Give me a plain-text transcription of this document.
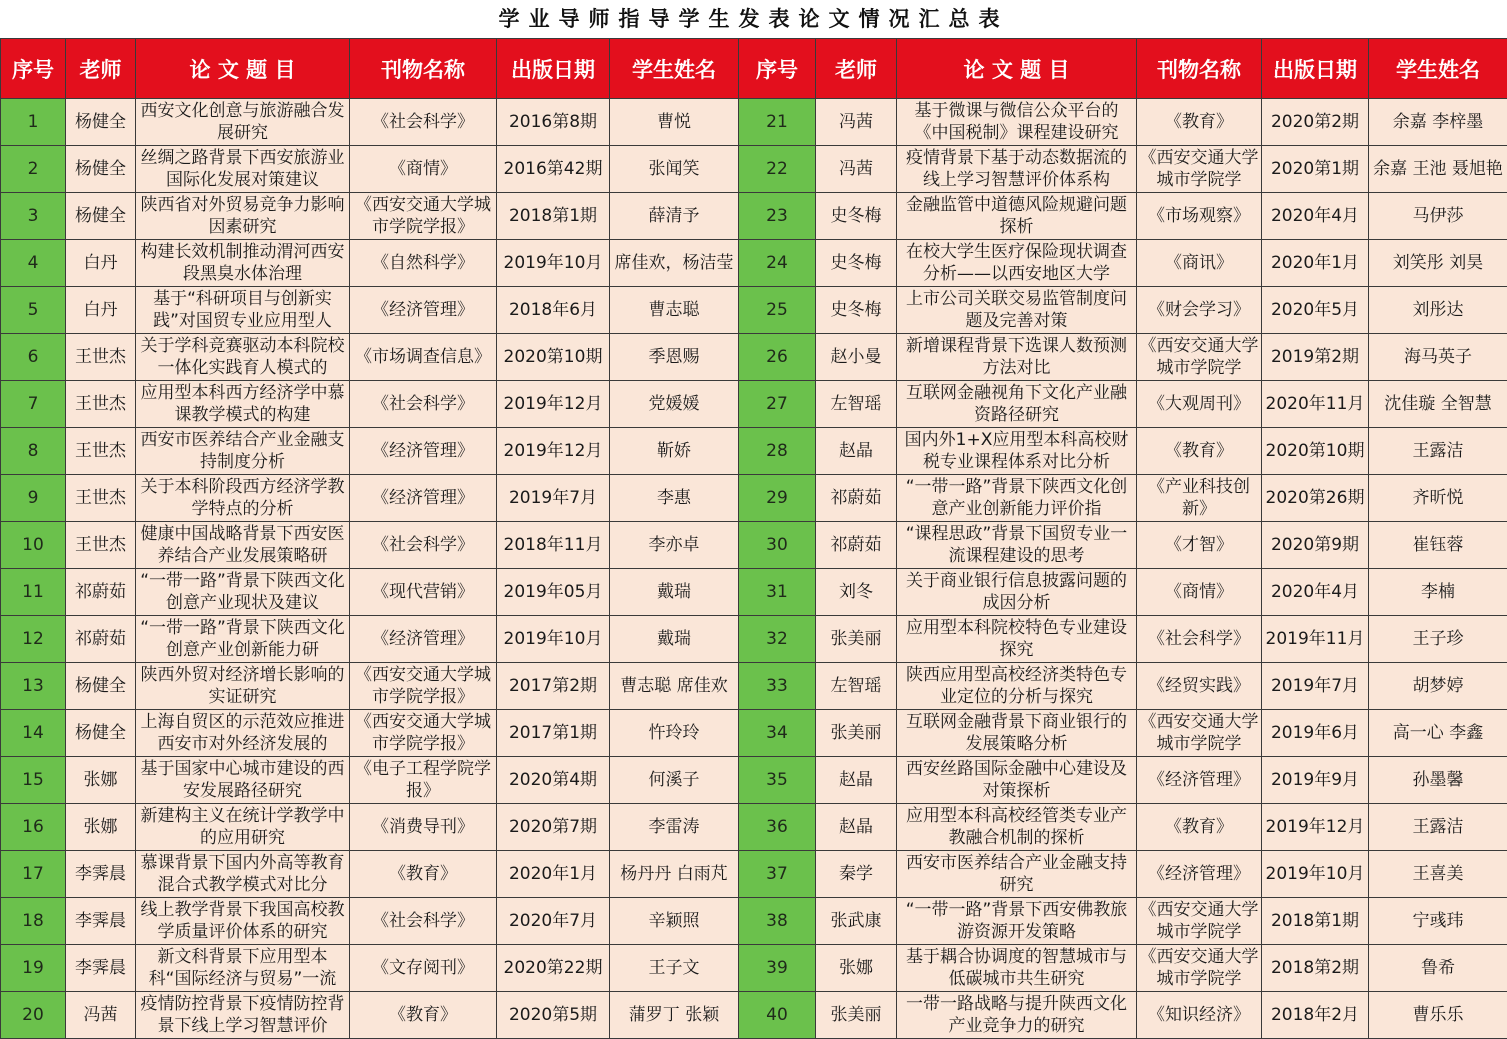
学业导师指导学生发表论文情况汇总表
序号	老师	论 文 题 目	刊物名称	出版日期	学生姓名	序号	老师	论 文 题 目	刊物名称	出版日期	学生姓名
1	杨健全	西安文化创意与旅游融合发展研究	《社会科学》	2016第8期	曹悦	21	冯茜	基于微课与微信公众平台的《中国税制》课程建设研究	《教育》	2020第2期	余嘉 李梓墨
2	杨健全	丝绸之路背景下西安旅游业国际化发展对策建议	《商情》	2016第42期	张闻笑	22	冯茜	疫情背景下基于动态数据流的线上学习智慧评价体系构	《西安交通大学城市学院学	2020第1期	余嘉 王池 聂旭艳
3	杨健全	陕西省对外贸易竞争力影响因素研究	《西安交通大学城市学院学报》	2018第1期	薛清予	23	史冬梅	金融监管中道德风险规避问题探析	《市场观察》	2020年4月	马伊莎
4	白丹	构建长效机制推动渭河西安段黑臭水体治理	《自然科学》	2019年10月	席佳欢，杨洁莹	24	史冬梅	在校大学生医疗保险现状调查分析——以西安地区大学	《商讯》	2020年1月	刘笑彤 刘昊
5	白丹	基于“科研项目与创新实践”对国贸专业应用型人	《经济管理》	2018年6月	曹志聪	25	史冬梅	上市公司关联交易监管制度问题及完善对策	《财会学习》	2020年5月	刘彤达
6	王世杰	关于学科竞赛驱动本科院校一体化实践育人模式的	《市场调查信息》	2020第10期	季恩赐	26	赵小曼	新增课程背景下选课人数预测方法对比	《西安交通大学城市学院学	2019第2期	海马英子
7	王世杰	应用型本科西方经济学中慕课教学模式的构建	《社会科学》	2019年12月	党媛媛	27	左智瑶	互联网金融视角下文化产业融资路径研究	《大观周刊》	2020年11月	沈佳璇 全智慧
8	王世杰	西安市医养结合产业金融支持制度分析	《经济管理》	2019年12月	靳娇	28	赵晶	国内外1+X应用型本科高校财税专业课程体系对比分析	《教育》	2020第10期	王露洁
9	王世杰	关于本科阶段西方经济学教学特点的分析	《经济管理》	2019年7月	李惠	29	祁蔚茹	“一带一路”背景下陕西文化创意产业创新能力评价指	《产业科技创新》	2020第26期	齐昕悦
10	王世杰	健康中国战略背景下西安医养结合产业发展策略研	《社会科学》	2018年11月	李亦卓	30	祁蔚茹	“课程思政”背景下国贸专业一流课程建设的思考	《才智》	2020第9期	崔钰蓉
11	祁蔚茹	“一带一路”背景下陕西文化创意产业现状及建议	《现代营销》	2019年05月	戴瑞	31	刘冬	关于商业银行信息披露问题的成因分析	《商情》	2020年4月	李楠
12	祁蔚茹	“一带一路”背景下陕西文化创意产业创新能力研	《经济管理》	2019年10月	戴瑞	32	张美丽	应用型本科院校特色专业建设探究	《社会科学》	2019年11月	王子珍
13	杨健全	陕西外贸对经济增长影响的实证研究	《西安交通大学城市学院学报》	2017第2期	曹志聪 席佳欢	33	左智瑶	陕西应用型高校经济类特色专业定位的分析与探究	《经贸实践》	2019年7月	胡梦婷
14	杨健全	上海自贸区的示范效应推进西安市对外经济发展的	《西安交通大学城市学院学报》	2017第1期	忤玲玲	34	张美丽	互联网金融背景下商业银行的发展策略分析	《西安交通大学城市学院学	2019年6月	高一心 李鑫
15	张娜	基于国家中心城市建设的西安发展路径研究	《电子工程学院学报》	2020第4期	何溪子	35	赵晶	西安丝路国际金融中心建设及对策探析	《经济管理》	2019年9月	孙墨馨
16	张娜	新建构主义在统计学教学中的应用研究	《消费导刊》	2020第7期	李雷涛	36	赵晶	应用型本科高校经管类专业产教融合机制的探析	《教育》	2019年12月	王露洁
17	李霁晨	慕课背景下国内外高等教育混合式教学模式对比分	《教育》	2020年1月	杨丹丹 白雨芃	37	秦学	西安市医养结合产业金融支持研究	《经济管理》	2019年10月	王喜美
18	李霁晨	线上教学背景下我国高校教学质量评价体系的研究	《社会科学》	2020年7月	辛颖照	38	张武康	“一带一路”背景下西安佛教旅游资源开发策略	《西安交通大学城市学院学	2018第1期	宁彧玮
19	李霁晨	新文科背景下应用型本科“国际经济与贸易”一流	《文存阅刊》	2020第22期	王子文	39	张娜	基于耦合协调度的智慧城市与低碳城市共生研究	《西安交通大学城市学院学	2018第2期	鲁希
20	冯茜	疫情防控背景下疫情防控背景下线上学习智慧评价	《教育》	2020第5期	蒲罗丁 张颖	40	张美丽	一带一路战略与提升陕西文化产业竞争力的研究	《知识经济》	2018年2月	曹乐乐
